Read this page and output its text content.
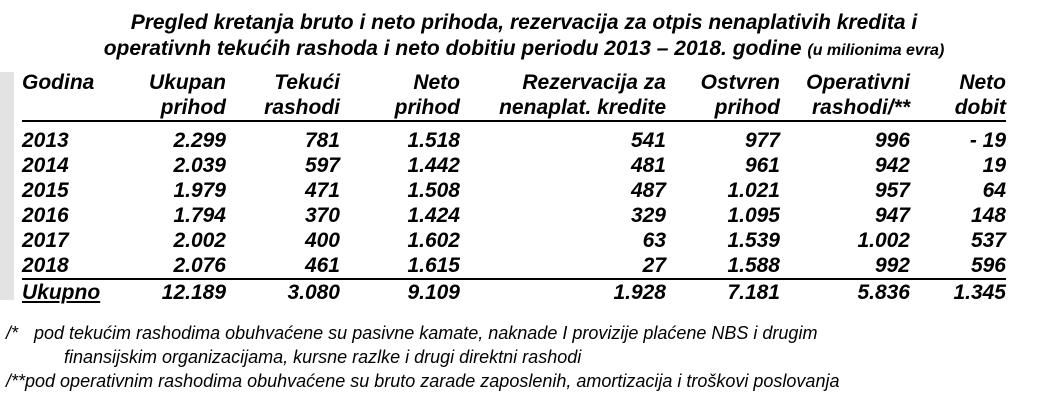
Pregled kretanja bruto i neto prihoda, rezervacija za otpis nenaplativih kredita i
operativnh tekućih rashoda i neto dobitiu periodu 2013 – 2018. godine (u milionima evra)
Godina	Ukupan	Tekući	Neto	Rezervacija za	Ostvren	Operativni	Neto
	prihod	rashodi	prihod	nenaplat. kredite	prihod	rashodi/**	dobit
2013	2.299	781	1.518	541	977	996	- 19
2014	2.039	597	1.442	481	961	942	19
2015	1.979	471	1.508	487	1.021	957	64
2016	1.794	370	1.424	329	1.095	947	148
2017	2.002	400	1.602	63	1.539	1.002	537
2018	2.076	461	1.615	27	1.588	992	596
Ukupno	12.189	3.080	9.109	1.928	7.181	5.836	1.345
/* pod tekućim rashodima obuhvaćene su pasivne kamate, naknade I provizije plaćene NBS i drugim
finansijskim organizacijama, kursne razlke i drugi direktni rashodi
/**pod operativnim rashodima obuhvaćene su bruto zarade zaposlenih, amortizacija i troškovi poslovanja
